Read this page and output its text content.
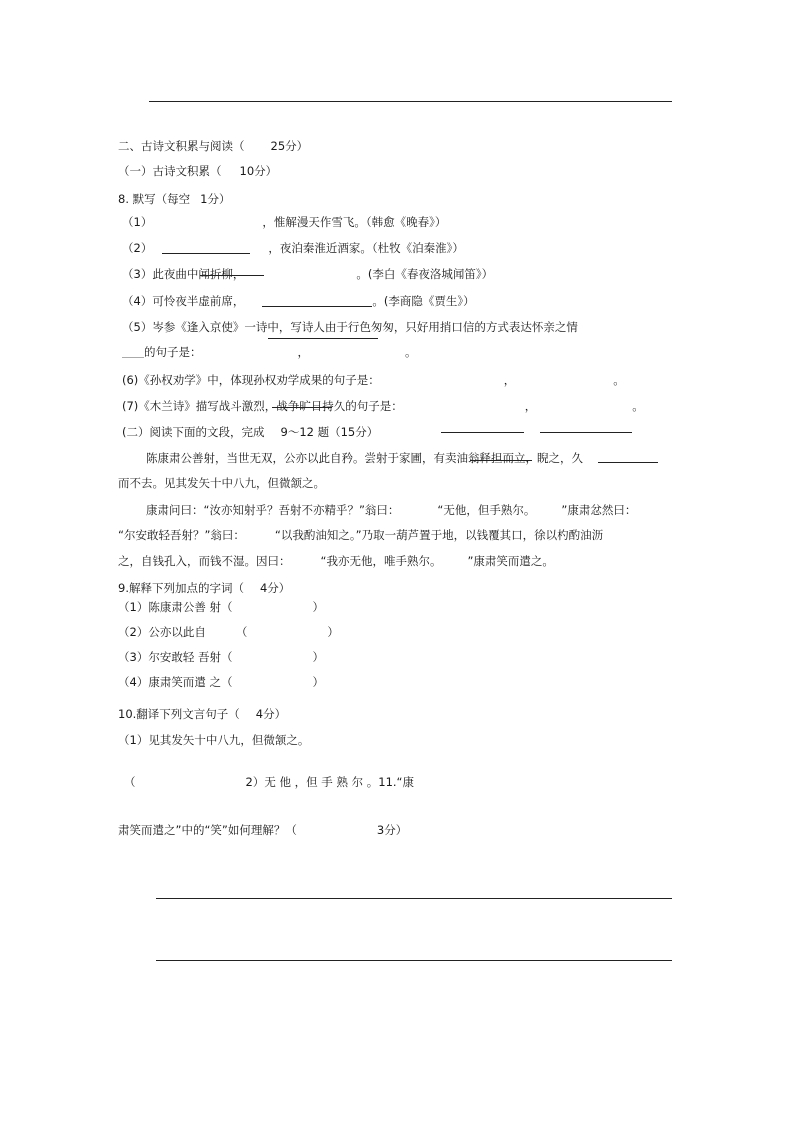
二、古诗文积累与阅读（ 25分）
（一）古诗文积累（ 10分）
8. 默写（每空 1分）
（1）	，惟解漫天作雪飞。（韩愈《晚春》）
（2）	，夜泊秦淮近酒家。（杜牧《泊秦淮》）
（3）此夜曲中闻折柳，	。(李白《春夜洛城闻笛》）
（4）可怜夜半虚前席，	。(李商隐《贾生》）
（5）岑参《逢入京使》一诗中，写诗人由于行色匆匆，只好用捎口信的方式表达怀亲之情
的句子是：	，	。
(6)《孙权劝学》中，体现孙权劝学成果的句子是：	，	。
(7)《木兰诗》描写战斗激烈，战争旷日持久的句子是：	，	。
(二）阅读下面的文段，完成 9～12 题（15分）
陈康肃公善射，当世无双，公亦以此自矜。尝射于家圃，有卖油翁释担而立，睨之，久
而不去。见其发矢十中八九，但微颔之。
康肃问曰：“汝亦知射乎？吾射不亦精乎？”翁曰：	“无他，但手熟尔。 ”康肃忿然曰：
“尔安敢轻吾射？”翁曰：	“以我酌油知之。”乃取一葫芦置于地，以钱覆其口，徐以杓酌油沥
之，自钱孔入，而钱不湿。因曰：	“我亦无他，唯手熟尔。 ”康肃笑而遣之。
9.解释下列加点的字词（ 4分）
（1）陈康肃公善 射（	）
（2）公亦以此自	（	）
（3）尔安敢轻 吾射（	）
（4）康肃笑而遣 之（	）
10.翻译下列文言句子（ 4分）
（1）见其发矢十中八九，但微颔之。
（	2）无 他 ，但 手 熟 尔 。11.“康
肃笑而遣之”中的“笑”如何理解？（	3分）
